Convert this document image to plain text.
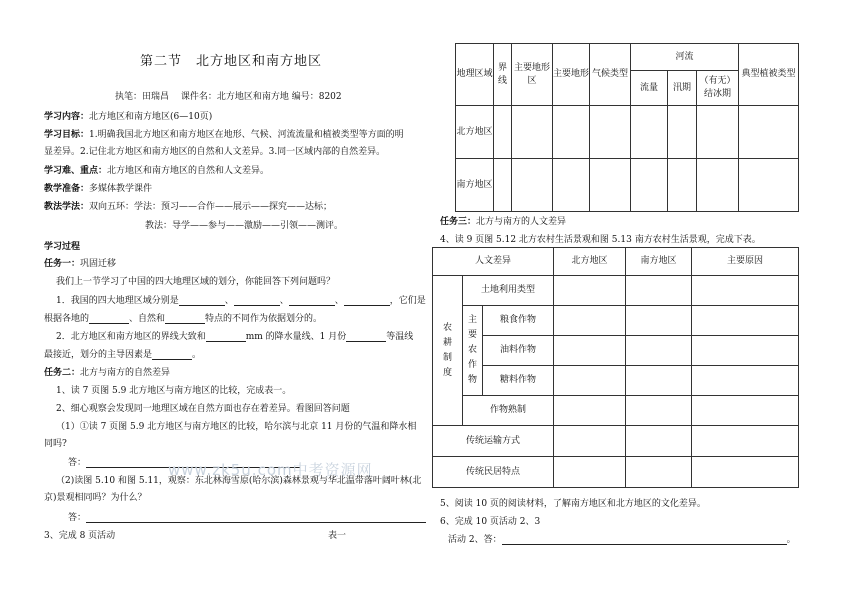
第二节　北方地区和南方地区
执笔：田瑞昌　 课件名：北方地区和南方地 编号：8202
学习内容：北方地区和南方地区(6—10页)
学习目标：1.明确我国北方地区和南方地区在地形、气候、河流流量和植被类型等方面的明
显差异。2.记住北方地区和南方地区的自然和人文差异。3.同一区域内部的自然差异。
学习难、重点：北方地区和南方地区的自然和人文差异。
教学准备：多媒体教学课件
教法学法：双向五环：学法：预习——合作——展示——探究——达标；
教法：导学——参与——激励——引领——测评。
学习过程
任务一：巩固迁移
我们上一节学习了中国的四大地理区域的划分，你能回答下列问题吗？
1．我国的四大地理区域分别是	、	、	、	，它们是
根据各地的	、自然和	特点的不同作为依据划分的。
2．北方地区和南方地区的界线大致和	mm 的降水量线、1 月份	等温线
最接近，划分的主导因素是	。
任务二：北方与南方的自然差异
1、读 7 页图 5.9 北方地区与南方地区的比较，完成表一。
2、细心观察会发现同一地理区域在自然方面也存在着差异。看图回答问题
（1）①读 7 页图 5.9 北方地区与南方地区的比较，哈尔滨与北京 11 月份的气温和降水相
同吗?
答：	www.zk5u.com中考资源网
（2)读图 5.10 和图 5.11，观察：东北林海雪原(哈尔滨)森林景观与华北温带落叶阔叶林(北
京)景观相同吗？为什么？
答：
3、完成 8 页活动	表一
地理区域	界线	主要地形区	主要地形	气候类型	河流			典型植被类型
					流量	汛期	（有无）结冰期	
北方地区								
南方地区								
任务三：北方与南方的人文差异
4、读 9 页图 5.12 北方农村生活景观和图 5.13 南方农村生活景观，完成下表。
人文差异			北方地区	南方地区	主要原因
农耕制度	土地利用类型				
	主要农作物	粮食作物			
		油料作物			
		糖料作物			
	作物熟制				
传统运输方式					
传统民居特点					
5、阅读 10 页的阅读材料，了解南方地区和北方地区的文化差异。
6、完成 10 页活动 2、3
活动 2、答：	。
